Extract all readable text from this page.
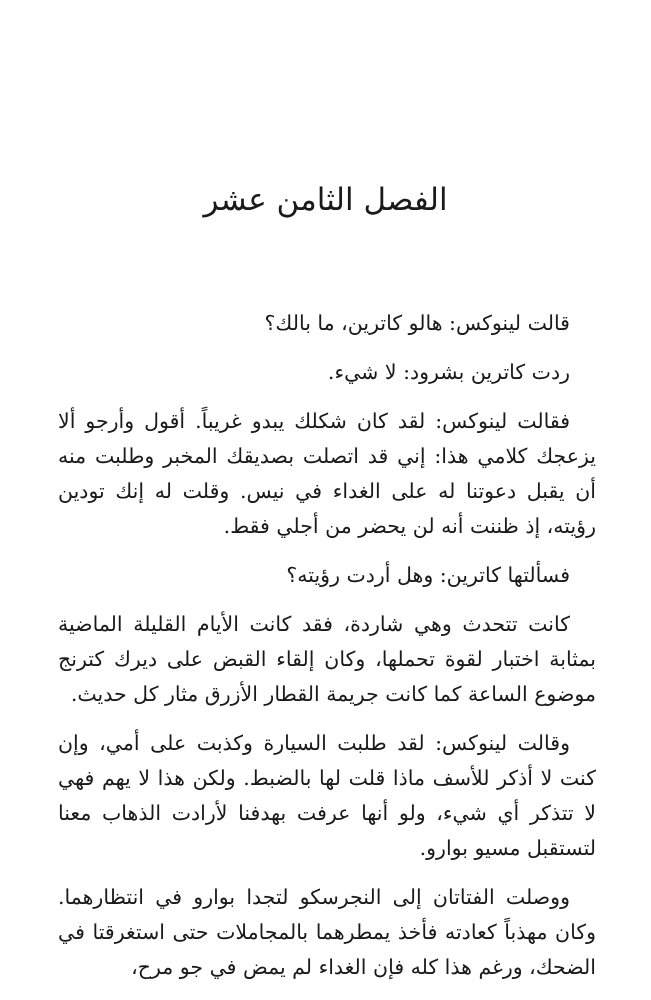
الفصل الثامن عشر

قالت لينوكس: هالو كاترين، ما بالك؟

ردت كاترين بشرود: لا شيء.

فقالت لينوكس: لقد كان شكلك يبدو غريباً. أقول وأرجو ألا يزعجك كلامي هذا: إني قد اتصلت بصديقك المخبر وطلبت منه أن يقبل دعوتنا له على الغداء في نيس. وقلت له إنك تودين رؤيته، إذ ظننت أنه لن يحضر من أجلي فقط.

فسألتها كاترين: وهل أردت رؤيته؟

كانت تتحدث وهي شاردة، فقد كانت الأيام القليلة الماضية بمثابة اختبار لقوة تحملها، وكان إلقاء القبض على ديرك كترنج موضوع الساعة كما كانت جريمة القطار الأزرق مثار كل حديث.

وقالت لينوكس: لقد طلبت السيارة وكذبت على أمي، وإن كنت لا أذكر للأسف ماذا قلت لها بالضبط. ولكن هذا لا يهم فهي لا تتذكر أي شيء، ولو أنها عرفت بهدفنا لأرادت الذهاب معنا لتستقبل مسيو بوارو.

ووصلت الفتاتان إلى النجرسكو لتجدا بوارو في انتظارهما. وكان مهذباً كعادته فأخذ يمطرهما بالمجاملات حتى استغرقتا في الضحك، ورغم هذا كله فإن الغداء لم يمض في جو مرح،
